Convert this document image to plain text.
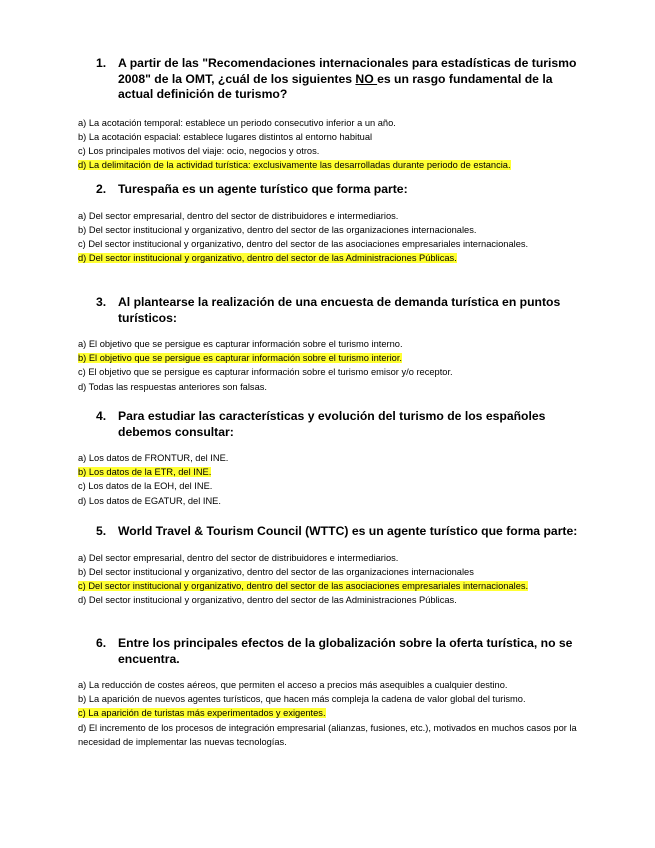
1. A partir de las "Recomendaciones internacionales para estadísticas de turismo 2008" de la OMT, ¿cuál de los siguientes NO es un rasgo fundamental de la actual definición de turismo?
a) La acotación temporal: establece un periodo consecutivo inferior a un año.
b) La acotación espacial: establece lugares distintos al entorno habitual
c) Los principales motivos del viaje: ocio, negocios y otros.
d) La delimitación de la actividad turística: exclusivamente las desarrolladas durante periodo de estancia.
2. Turespaña es un agente turístico que forma parte:
a) Del sector empresarial, dentro del sector de distribuidores e intermediarios.
b) Del sector institucional y organizativo, dentro del sector de las organizaciones internacionales.
c) Del sector institucional y organizativo, dentro del sector de las asociaciones empresariales internacionales.
d) Del sector institucional y organizativo, dentro del sector de las Administraciones Públicas.
3. Al plantearse la realización de una encuesta de demanda turística en puntos turísticos:
a) El objetivo que se persigue es capturar información sobre el turismo interno.
b) El objetivo que se persigue es capturar información sobre el turismo interior.
c) El objetivo que se persigue es capturar información sobre el turismo emisor y/o receptor.
d) Todas las respuestas anteriores son falsas.
4. Para estudiar las características y evolución del turismo de los españoles debemos consultar:
a) Los datos de FRONTUR, del INE.
b) Los datos de la ETR, del INE.
c) Los datos de la EOH, del INE.
d) Los datos de EGATUR, del INE.
5. World Travel & Tourism Council (WTTC) es un agente turístico que forma parte:
a) Del sector empresarial, dentro del sector de distribuidores e intermediarios.
b) Del sector institucional y organizativo, dentro del sector de las organizaciones internacionales
c) Del sector institucional y organizativo, dentro del sector de las asociaciones empresariales internacionales.
d) Del sector institucional y organizativo, dentro del sector de las Administraciones Públicas.
6. Entre los principales efectos de la globalización sobre la oferta turística, no se encuentra.
a) La reducción de costes aéreos, que permiten el acceso a precios más asequibles a cualquier destino.
b) La aparición de nuevos agentes turísticos, que hacen más compleja la cadena de valor global del turismo.
c) La aparición de turistas más experimentados y exigentes.
d) El incremento de los procesos de integración empresarial (alianzas, fusiones, etc.), motivados en muchos casos por la necesidad de implementar las nuevas tecnologías.
